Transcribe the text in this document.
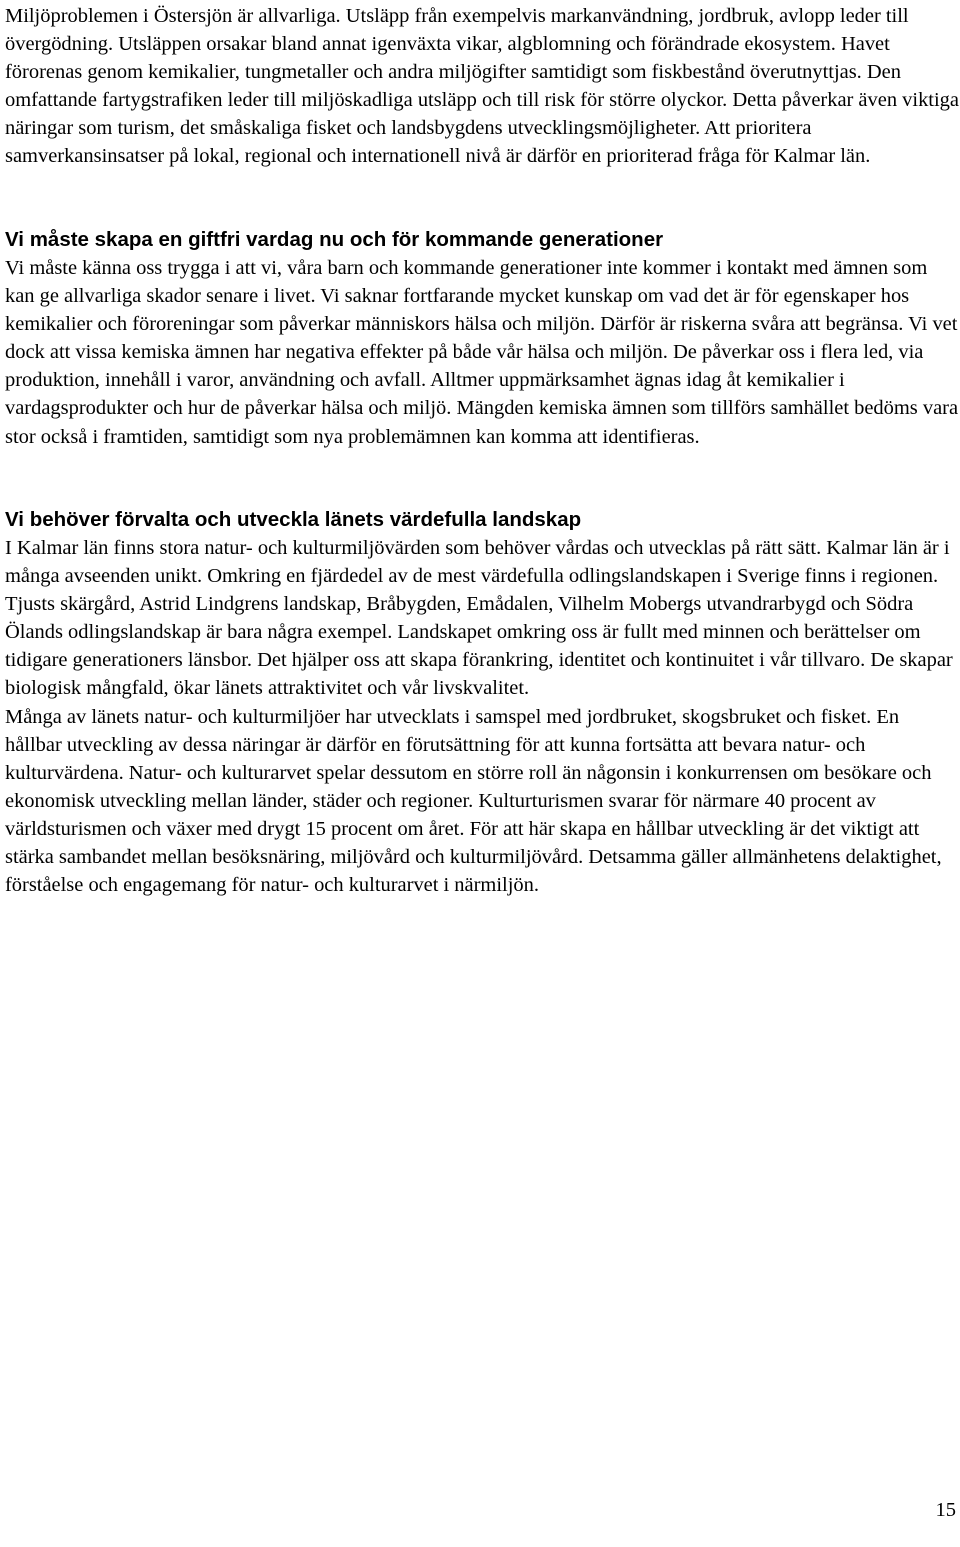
Miljöproblemen i Östersjön är allvarliga. Utsläpp från exempelvis markanvändning, jordbruk, avlopp leder till övergödning. Utsläppen orsakar bland annat igenväxta vikar, algblomning och förändrade ekosystem. Havet förorenas genom kemikalier, tungmetaller och andra miljögifter samtidigt som fiskbestånd överutnyttjas. Den omfattande fartygstrafiken leder till miljöskadliga utsläpp och till risk för större olyckor. Detta påverkar även viktiga näringar som turism, det småskaliga fisket och landsbygdens utvecklingsmöjligheter. Att prioritera samverkansinsatser på lokal, regional och internationell nivå är därför en prioriterad fråga för Kalmar län.

Vi måste skapa en giftfri vardag nu och för kommande generationer

Vi måste känna oss trygga i att vi, våra barn och kommande generationer inte kommer i kontakt med ämnen som kan ge allvarliga skador senare i livet. Vi saknar fortfarande mycket kunskap om vad det är för egenskaper hos kemikalier och föroreningar som påverkar människors hälsa och miljön. Därför är riskerna svåra att begränsa. Vi vet dock att vissa kemiska ämnen har negativa effekter på både vår hälsa och miljön. De påverkar oss i flera led, via produktion, innehåll i varor, användning och avfall. Alltmer uppmärksamhet ägnas idag åt kemikalier i vardagsprodukter och hur de påverkar hälsa och miljö. Mängden kemiska ämnen som tillförs samhället bedöms vara stor också i framtiden, samtidigt som nya problemämnen kan komma att identifieras.

Vi behöver förvalta och utveckla länets värdefulla landskap

I Kalmar län finns stora natur- och kulturmiljövärden som behöver vårdas och utvecklas på rätt sätt. Kalmar län är i många avseenden unikt. Omkring en fjärdedel av de mest värdefulla odlingslandskapen i Sverige finns i regionen. Tjusts skärgård, Astrid Lindgrens landskap, Bråbygden, Emådalen, Vilhelm Mobergs utvandrarbygd och Södra Ölands odlingslandskap är bara några exempel. Landskapet omkring oss är fullt med minnen och berättelser om tidigare generationers länsbor. Det hjälper oss att skapa förankring, identitet och kontinuitet i vår tillvaro. De skapar biologisk mångfald, ökar länets attraktivitet och vår livskvalitet.

Många av länets natur- och kulturmiljöer har utvecklats i samspel med jordbruket, skogsbruket och fisket. En hållbar utveckling av dessa näringar är därför en förutsättning för att kunna fortsätta att bevara natur- och kulturvärdena. Natur- och kulturarvet spelar dessutom en större roll än någonsin i konkurrensen om besökare och ekonomisk utveckling mellan länder, städer och regioner. Kulturturismen svarar för närmare 40 procent av världsturismen och växer med drygt 15 procent om året. För att här skapa en hållbar utveckling är det viktigt att stärka sambandet mellan besöksnäring, miljövård och kulturmiljövård. Detsamma gäller allmänhetens delaktighet, förståelse och engagemang för natur- och kulturarvet i närmiljön.

15
